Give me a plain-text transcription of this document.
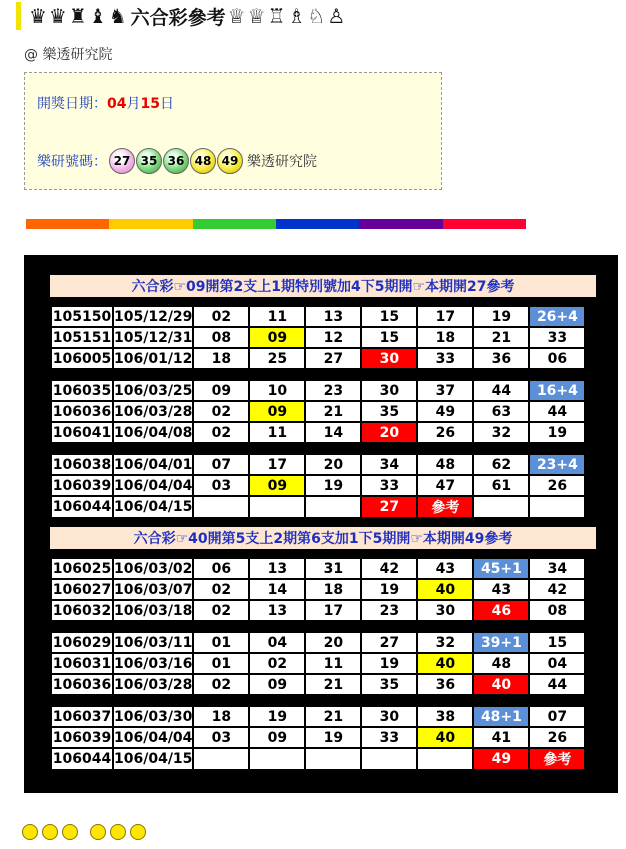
♛♛♜♝♞ 六合彩參考 ♕♕♖♗♘♙
@ 樂透研究院
開獎日期：04月15日
樂研號碼： 27 35 36 48 49 樂透研究院
六合彩☞09開第2支上1期特別號加4下5期開☞本期開27參考
105150	105/12/29	02	11	13	15	17	19	26+4
105151	105/12/31	08	09	12	15	18	21	33
106005	106/01/12	18	25	27	30	33	36	06
106035	106/03/25	09	10	23	30	37	44	16+4
106036	106/03/28	02	09	21	35	49	63	44
106041	106/04/08	02	11	14	20	26	32	19
106038	106/04/01	07	17	20	34	48	62	23+4
106039	106/04/04	03	09	19	33	47	61	26
106044	106/04/15				27	參考		
六合彩☞40開第5支上2期第6支加1下5期開☞本期開49參考
106025	106/03/02	06	13	31	42	43	45+1	34
106027	106/03/07	02	14	18	19	40	43	42
106032	106/03/18	02	13	17	23	30	46	08
106029	106/03/11	01	04	20	27	32	39+1	15
106031	106/03/16	01	02	11	19	40	48	04
106036	106/03/28	02	09	21	35	36	40	44
106037	106/03/30	18	19	21	30	38	48+1	07
106039	106/04/04	03	09	19	33	40	41	26
106044	106/04/15						49	參考
